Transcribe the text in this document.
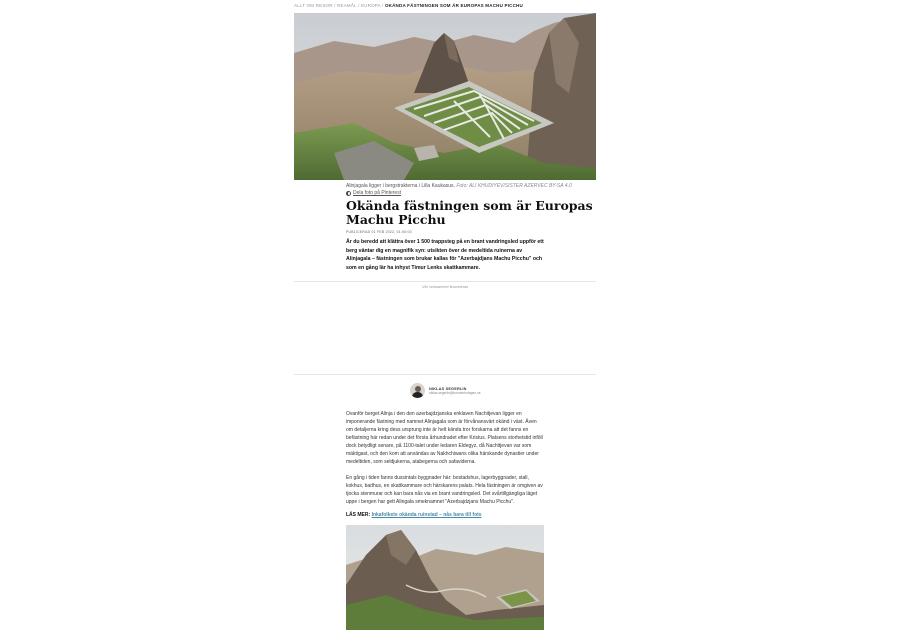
ALLT OM RESOR / REAMÅL / EUROPA / OKÄNDA FÄSTNINGEN SOM ÄR EUROPAS MACHU PICCHU
Alinjagala ligger i bergstrakterna i Lilla Kaukasus. Foto: ALI KHUDIYEV/SISTER AZERVEC BY-SA 4.0
Dela foto på Pinterest
Okända fästningen som är Europas Machu Picchu
PUBLICERAD 01 FEB 2022, 01:00:00

Är du beredd att klättra över 1 500 trappsteg på en brant vandringsled uppför ett berg väntar dig en magnifik syn: utsikten över de medeltida ruinerna av Alinjagala – fästningen som brukar kallas för "Azerbajdjans Machu Picchu" och som en gång lär ha inhyst Timur Lenks skattkammare.

Vår verksamhet finansieras
NIKLAS SEGERLIN
niklas.segerlin@bonnierforlagen.se

Ovanför berget Alinja i den den azerbajdzjanska enklaven Nachitjevan ligger en imponerande fästning med namnet Alinjagala som är förvånansvärt okänd i väst. Även om detaljerna kring dess ursprung inte är helt kända tror forskarna att det fanns en befästning här redan under det första århundradet efter Kristus. Platsens storhetstid inföll dock betydligt senare, på 1100-talet under ledaren Eldegyz, då Nachitjevan var som mäktigast, och den kom att användas av Nakhchiwans olika härskande dynastier under medeltiden, som seldjukerna, atabegerna och safaviderna.

En gång i tiden fanns dussintals byggnader här: bostadshus, lagerbyggnader, stall, kokhus, badhus, en skattkammare och härskarens palats. Hela fästningen är omgiven av tjocka stenmurar och kan bara nås via en brant vandringsled. Det svårtillgängliga läget uppe i bergen har gett Alingala smeknamnet "Azerbajdzjans Machu Picchu".

LÄS MER: Inkafolkets okända ruinstad – nås bara till fots
